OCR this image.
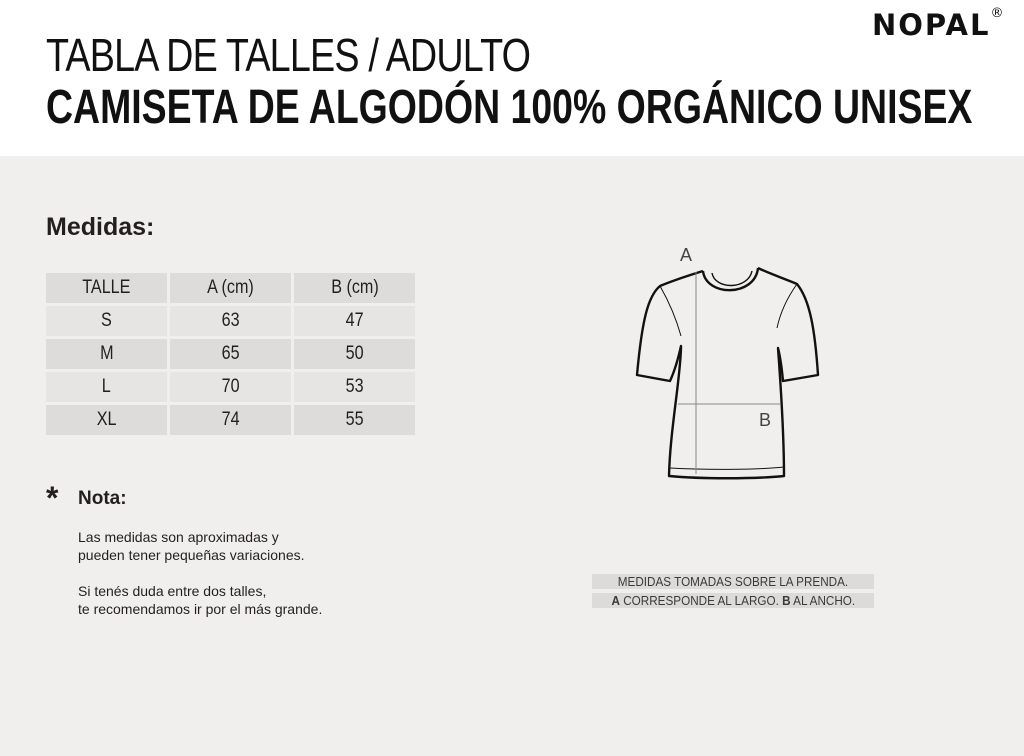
TABLA DE TALLES / ADULTO
CAMISETA DE ALGODÓN 100% ORGÁNICO UNISEX
NOPAL®
Medidas:
TALLE	A (cm)	B (cm)
S	63	47
M	65	50
L	70	53
XL	74	55
* Nota:
Las medidas son aproximadas y
pueden tener pequeñas variaciones.
Si tenés duda entre dos talles,
te recomendamos ir por el más grande.
A
B
MEDIDAS TOMADAS SOBRE LA PRENDA.
A CORRESPONDE AL LARGO. B AL ANCHO.
